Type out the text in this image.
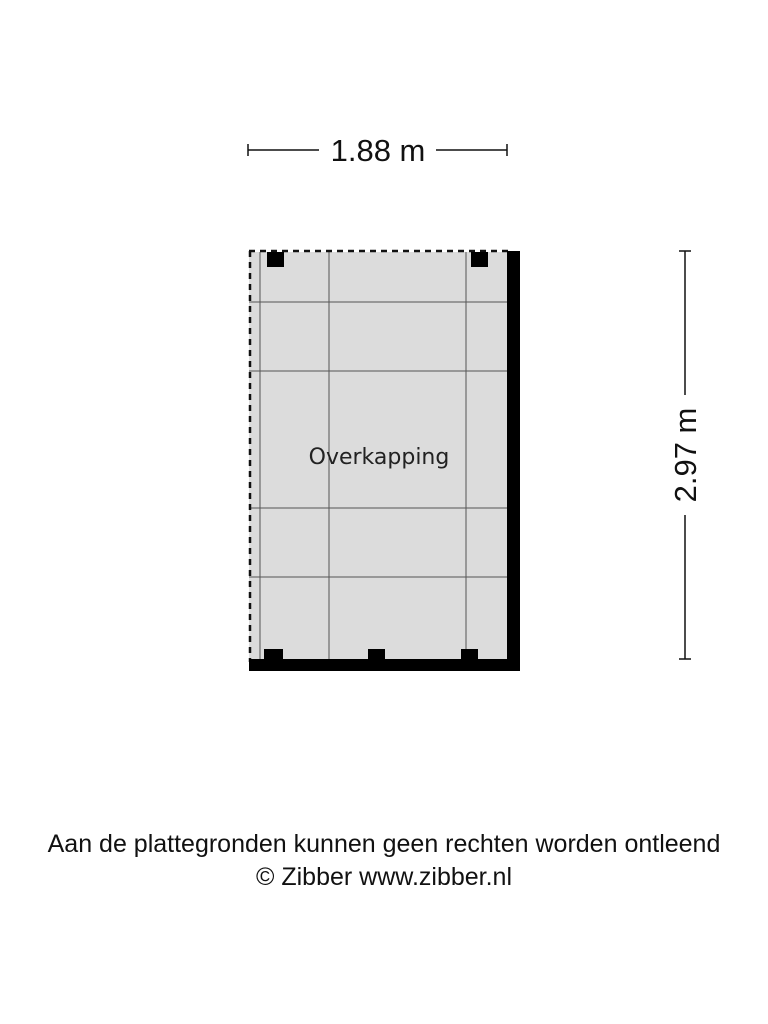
1.88 m
2.97 m
Overkapping
Aan de plattegronden kunnen geen rechten worden ontleend
© Zibber www.zibber.nl
